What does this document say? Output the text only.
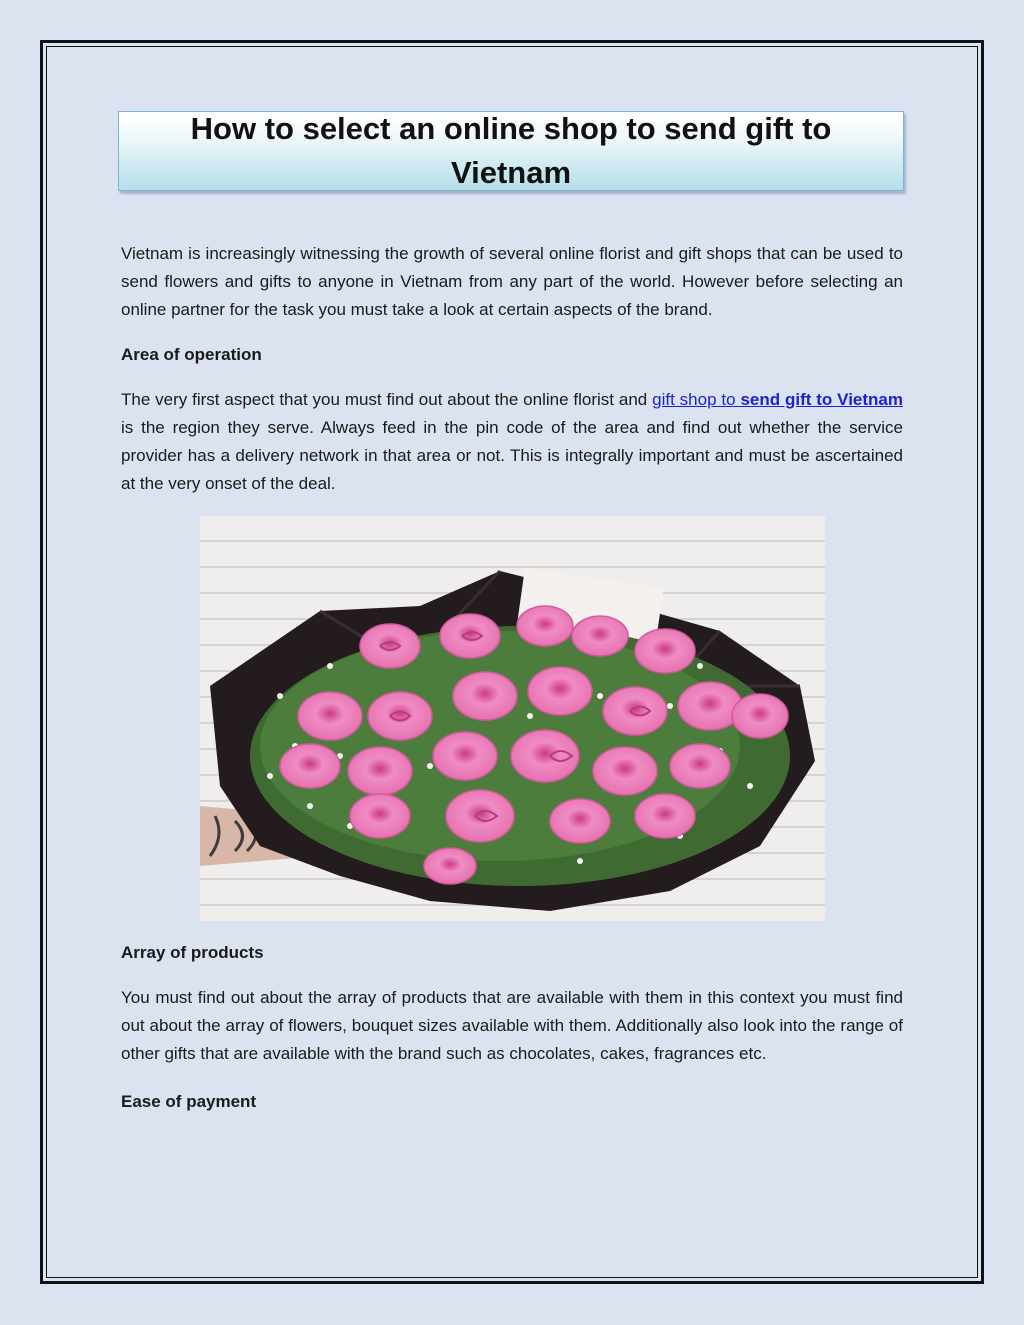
How to select an online shop to send gift to Vietnam

Vietnam is increasingly witnessing the growth of several online florist and gift shops that can be used to send flowers and gifts to anyone in Vietnam from any part of the world. However before selecting an online partner for the task you must take a look at certain aspects of the brand.

Area of operation

The very first aspect that you must find out about the online florist and gift shop to send gift to Vietnam is the region they serve. Always feed in the pin code of the area and find out whether the service provider has a delivery network in that area or not. This is integrally important and must be ascertained at the very onset of the deal.

Array of products

You must find out about the array of products that are available with them in this context you must find out about the array of flowers, bouquet sizes available with them. Additionally also look into the range of other gifts that are available with the brand such as chocolates, cakes, fragrances etc.

Ease of payment
